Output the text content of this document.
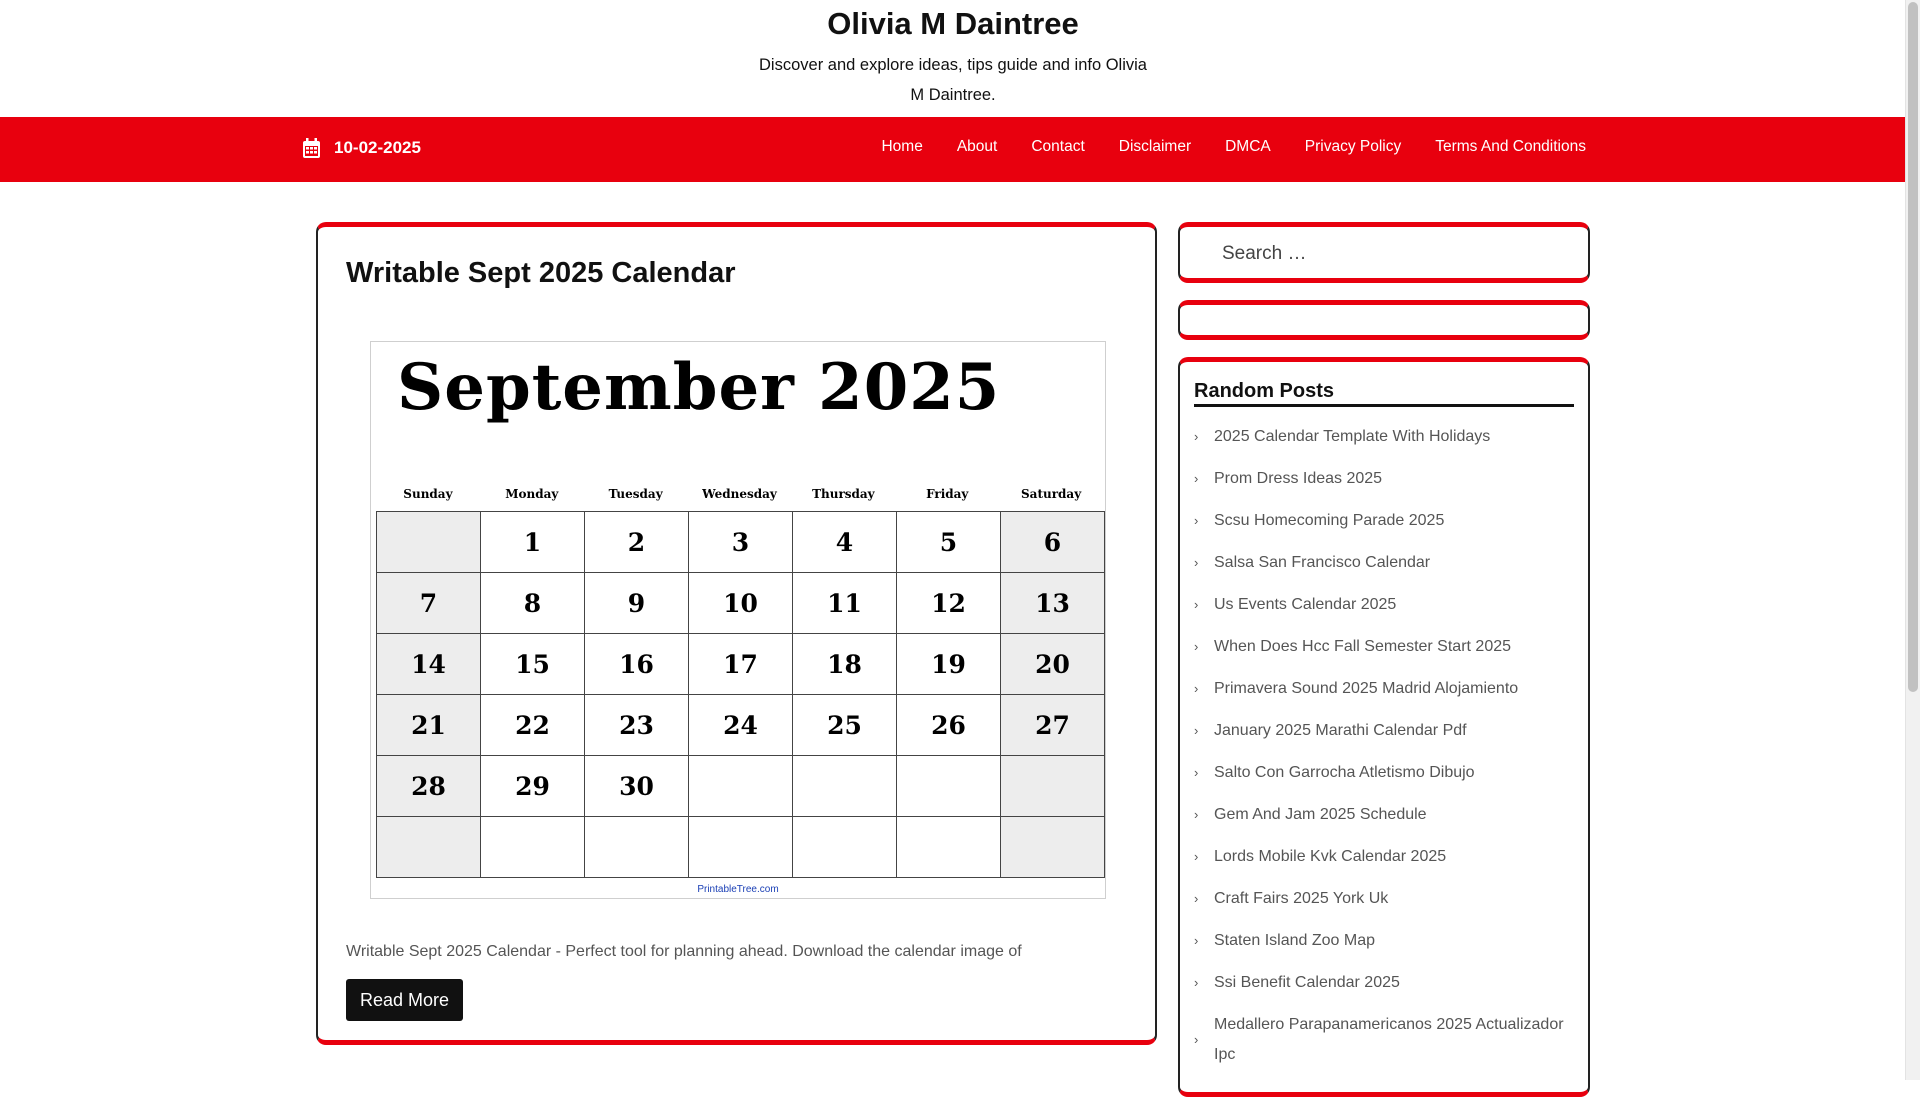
Olivia M Daintree
Discover and explore ideas, tips guide and info Olivia M Daintree.
10-02-2025	Home About Contact Disclaimer DMCA Privacy Policy Terms And Conditions
Writable Sept 2025 Calendar
September 2025
Sunday	Monday	Tuesday	Wednesday	Thursday	Friday	Saturday
	1	2	3	4	5	6
7	8	9	10	11	12	13
14	15	16	17	18	19	20
21	22	23	24	25	26	27
28	29	30				

PrintableTree.com
Writable Sept 2025 Calendar - Perfect tool for planning ahead. Download the calendar image of
Read More
Search …
Random Posts
› 2025 Calendar Template With Holidays
› Prom Dress Ideas 2025
› Scsu Homecoming Parade 2025
› Salsa San Francisco Calendar
› Us Events Calendar 2025
› When Does Hcc Fall Semester Start 2025
› Primavera Sound 2025 Madrid Alojamiento
› January 2025 Marathi Calendar Pdf
› Salto Con Garrocha Atletismo Dibujo
› Gem And Jam 2025 Schedule
› Lords Mobile Kvk Calendar 2025
› Craft Fairs 2025 York Uk
› Staten Island Zoo Map
› Ssi Benefit Calendar 2025
›
Medallero Parapanamericanos 2025 Actualizador Ipc
